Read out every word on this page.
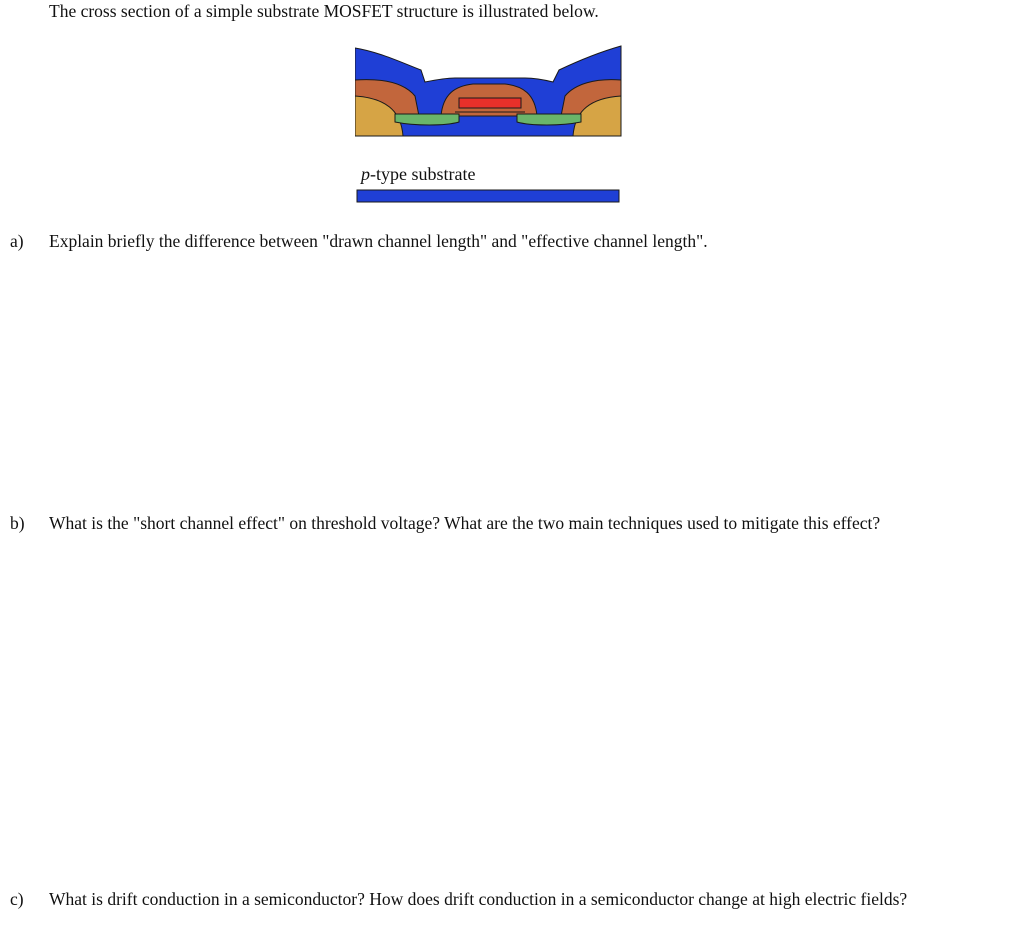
The cross section of a simple substrate MOSFET structure is illustrated below.

p-type substrate
a)	Explain briefly the difference between "drawn channel length" and "effective channel length".
b)	What is the "short channel effect" on threshold voltage? What are the two main techniques used to mitigate this effect?
c)	What is drift conduction in a semiconductor? How does drift conduction in a semiconductor change at high electric fields?
